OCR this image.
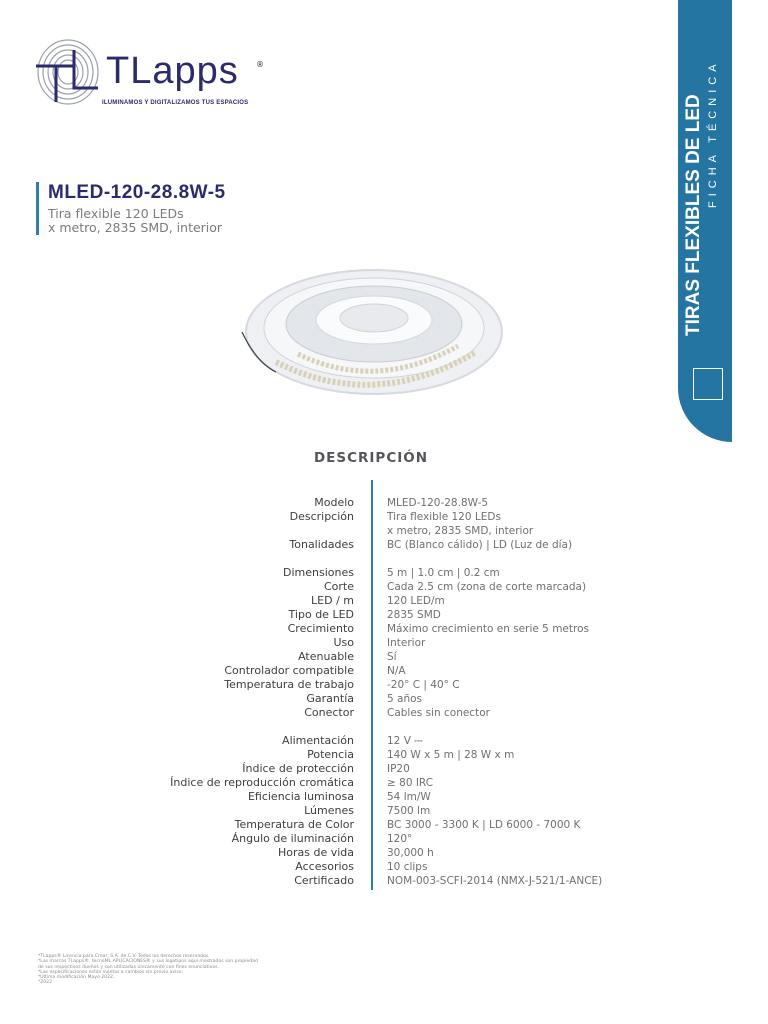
TLapps ®
ILUMINAMOS Y DIGITALIZAMOS TUS ESPACIOS
MLED-120-28.8W-5
Tira flexible 120 LEDs
x metro, 2835 SMD, interior	TIRAS FLEXIBLES DE LED FICHA TÉCNICA
DESCRIPCIÓN
Modelo	MLED-120-28.8W-5
Descripción	Tira flexible 120 LEDs
x metro, 2835 SMD, interior
Tonalidades	BC (Blanco cálido) | LD (Luz de día)
Dimensiones	5 m | 1.0 cm | 0.2 cm
Corte	Cada 2.5 cm (zona de corte marcada)
LED / m	120 LED/m
Tipo de LED	2835 SMD
Crecimiento	Máximo crecimiento en serie 5 metros
Uso	Interior
Atenuable	Sí
Controlador compatible	N/A
Temperatura de trabajo	-20° C | 40° C
Garantía	5 años
Conector	Cables sin conector
Alimentación	12 V ⎓
Potencia	140 W x 5 m | 28 W x m
Índice de protección	IP20
Índice de reproducción cromática	≥ 80 IRC
Eficiencia luminosa	54 lm/W
Lúmenes	7500 lm
Temperatura de Color	BC 3000 - 3300 K | LD 6000 - 7000 K
Ángulo de iluminación	120°
Horas de vida	30,000 h
Accesorios	10 clips
Certificado	NOM-003-SCFI-2014 (NMX-J-521/1-ANCE)
*TLapps® Licencia para Crear, S.A. de C.V. Todos los derechos reservados.
*Las marcas TLapps®, tecnoML APLICACIONES® y sus logotipos aquí mostrados son propiedad
de sus respectivos dueños y son utilizadas únicamente con fines enunciativos.
*Las especificaciones están sujetas a cambios sin previo aviso.
*Última modificación Mayo 2022.
*2022
